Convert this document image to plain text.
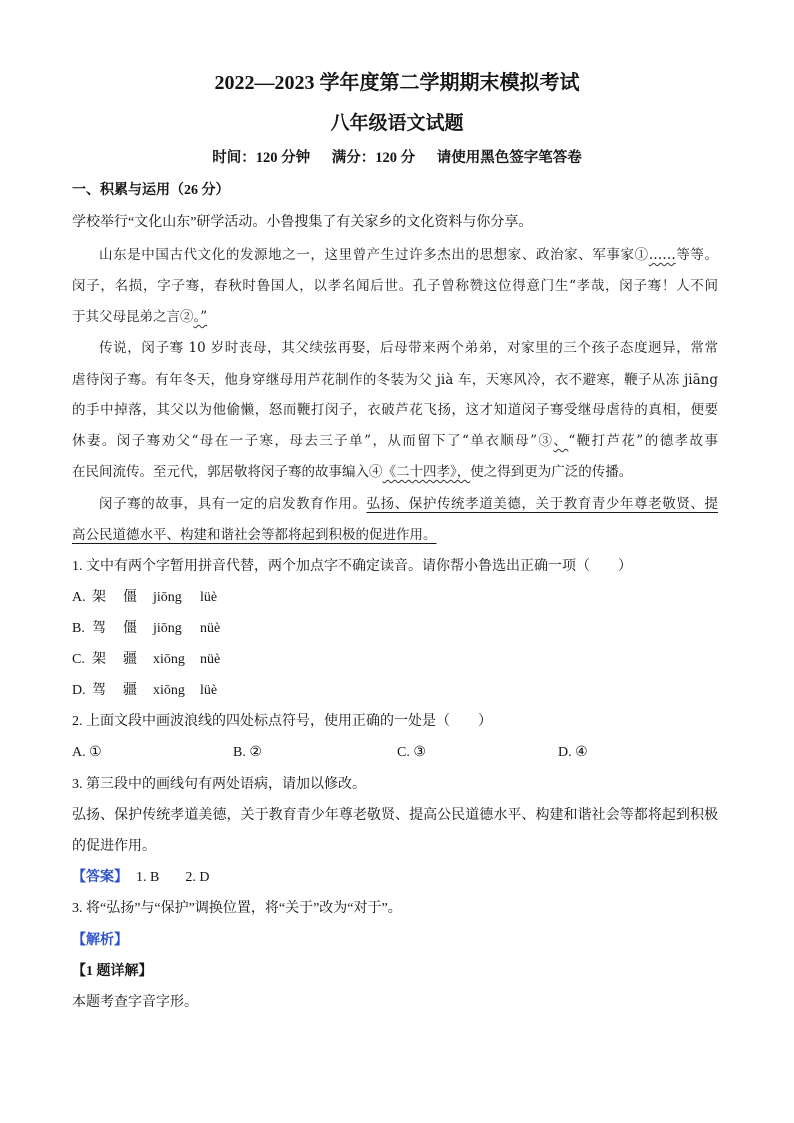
2022—2023 学年度第二学期期末模拟考试
八年级语文试题
时间：120 分钟 满分：120 分 请使用黑色签字笔答卷
一、积累与运用（26 分）
学校举行“文化山东”研学活动。小鲁搜集了有关家乡的文化资料与你分享。
山东是中国古代文化的发源地之一，这里曾产生过许多杰出的思想家、政治家、军事家①……等等。
闵子，名损，字子骞，春秋时鲁国人，以孝名闻后世。孔子曾称赞这位得意门生“孝哉，闵子骞！人不间
于其父母昆弟之言②。”
传说，闵子骞 10 岁时丧母，其父续弦再娶，后母带来两个弟弟，对家里的三个孩子态度迥异，常常
虐待闵子骞。有年冬天，他身穿继母用芦花制作的冬装为父 jià 车，天寒风冷，衣不避寒，鞭子从冻 jiāng
的手中掉落，其父以为他偷懒，怒而鞭打闵子，衣破芦花飞扬，这才知道闵子骞受继母虐待的真相，便要
休妻。闵子骞劝父“母在一子寒，母去三子单”，从而留下了“单衣顺母”③、“鞭打芦花”的德孝故事
在民间流传。至元代，郭居敬将闵子骞的故事编入④《二十四孝》，使之得到更为广泛的传播。
闵子骞的故事，具有一定的启发教育作用。弘扬、保护传统孝道美德，关于教育青少年尊老敬贤、提
高公民道德水平、构建和谐社会等都将起到积极的促进作用。
1. 文中有两个字暂用拼音代替，两个加点字不确定读音。请你帮小鲁选出正确一项（　　）
A. 架 僵 jiōng lüè
B. 驾 僵 jiōng nüè
C. 架 疆 xiōng nüè
D. 驾 疆 xiōng lüè
2. 上面文段中画波浪线的四处标点符号，使用正确的一处是（　　）
A. ①	B. ②	C. ③	D. ④
3. 第三段中的画线句有两处语病，请加以修改。
弘扬、保护传统孝道美德，关于教育青少年尊老敬贤、提高公民道德水平、构建和谐社会等都将起到积极
的促进作用。
【答案】 1. B 2. D
3. 将“弘扬”与“保护”调换位置，将“关于”改为“对于”。
【解析】
【1 题详解】
本题考查字音字形。
